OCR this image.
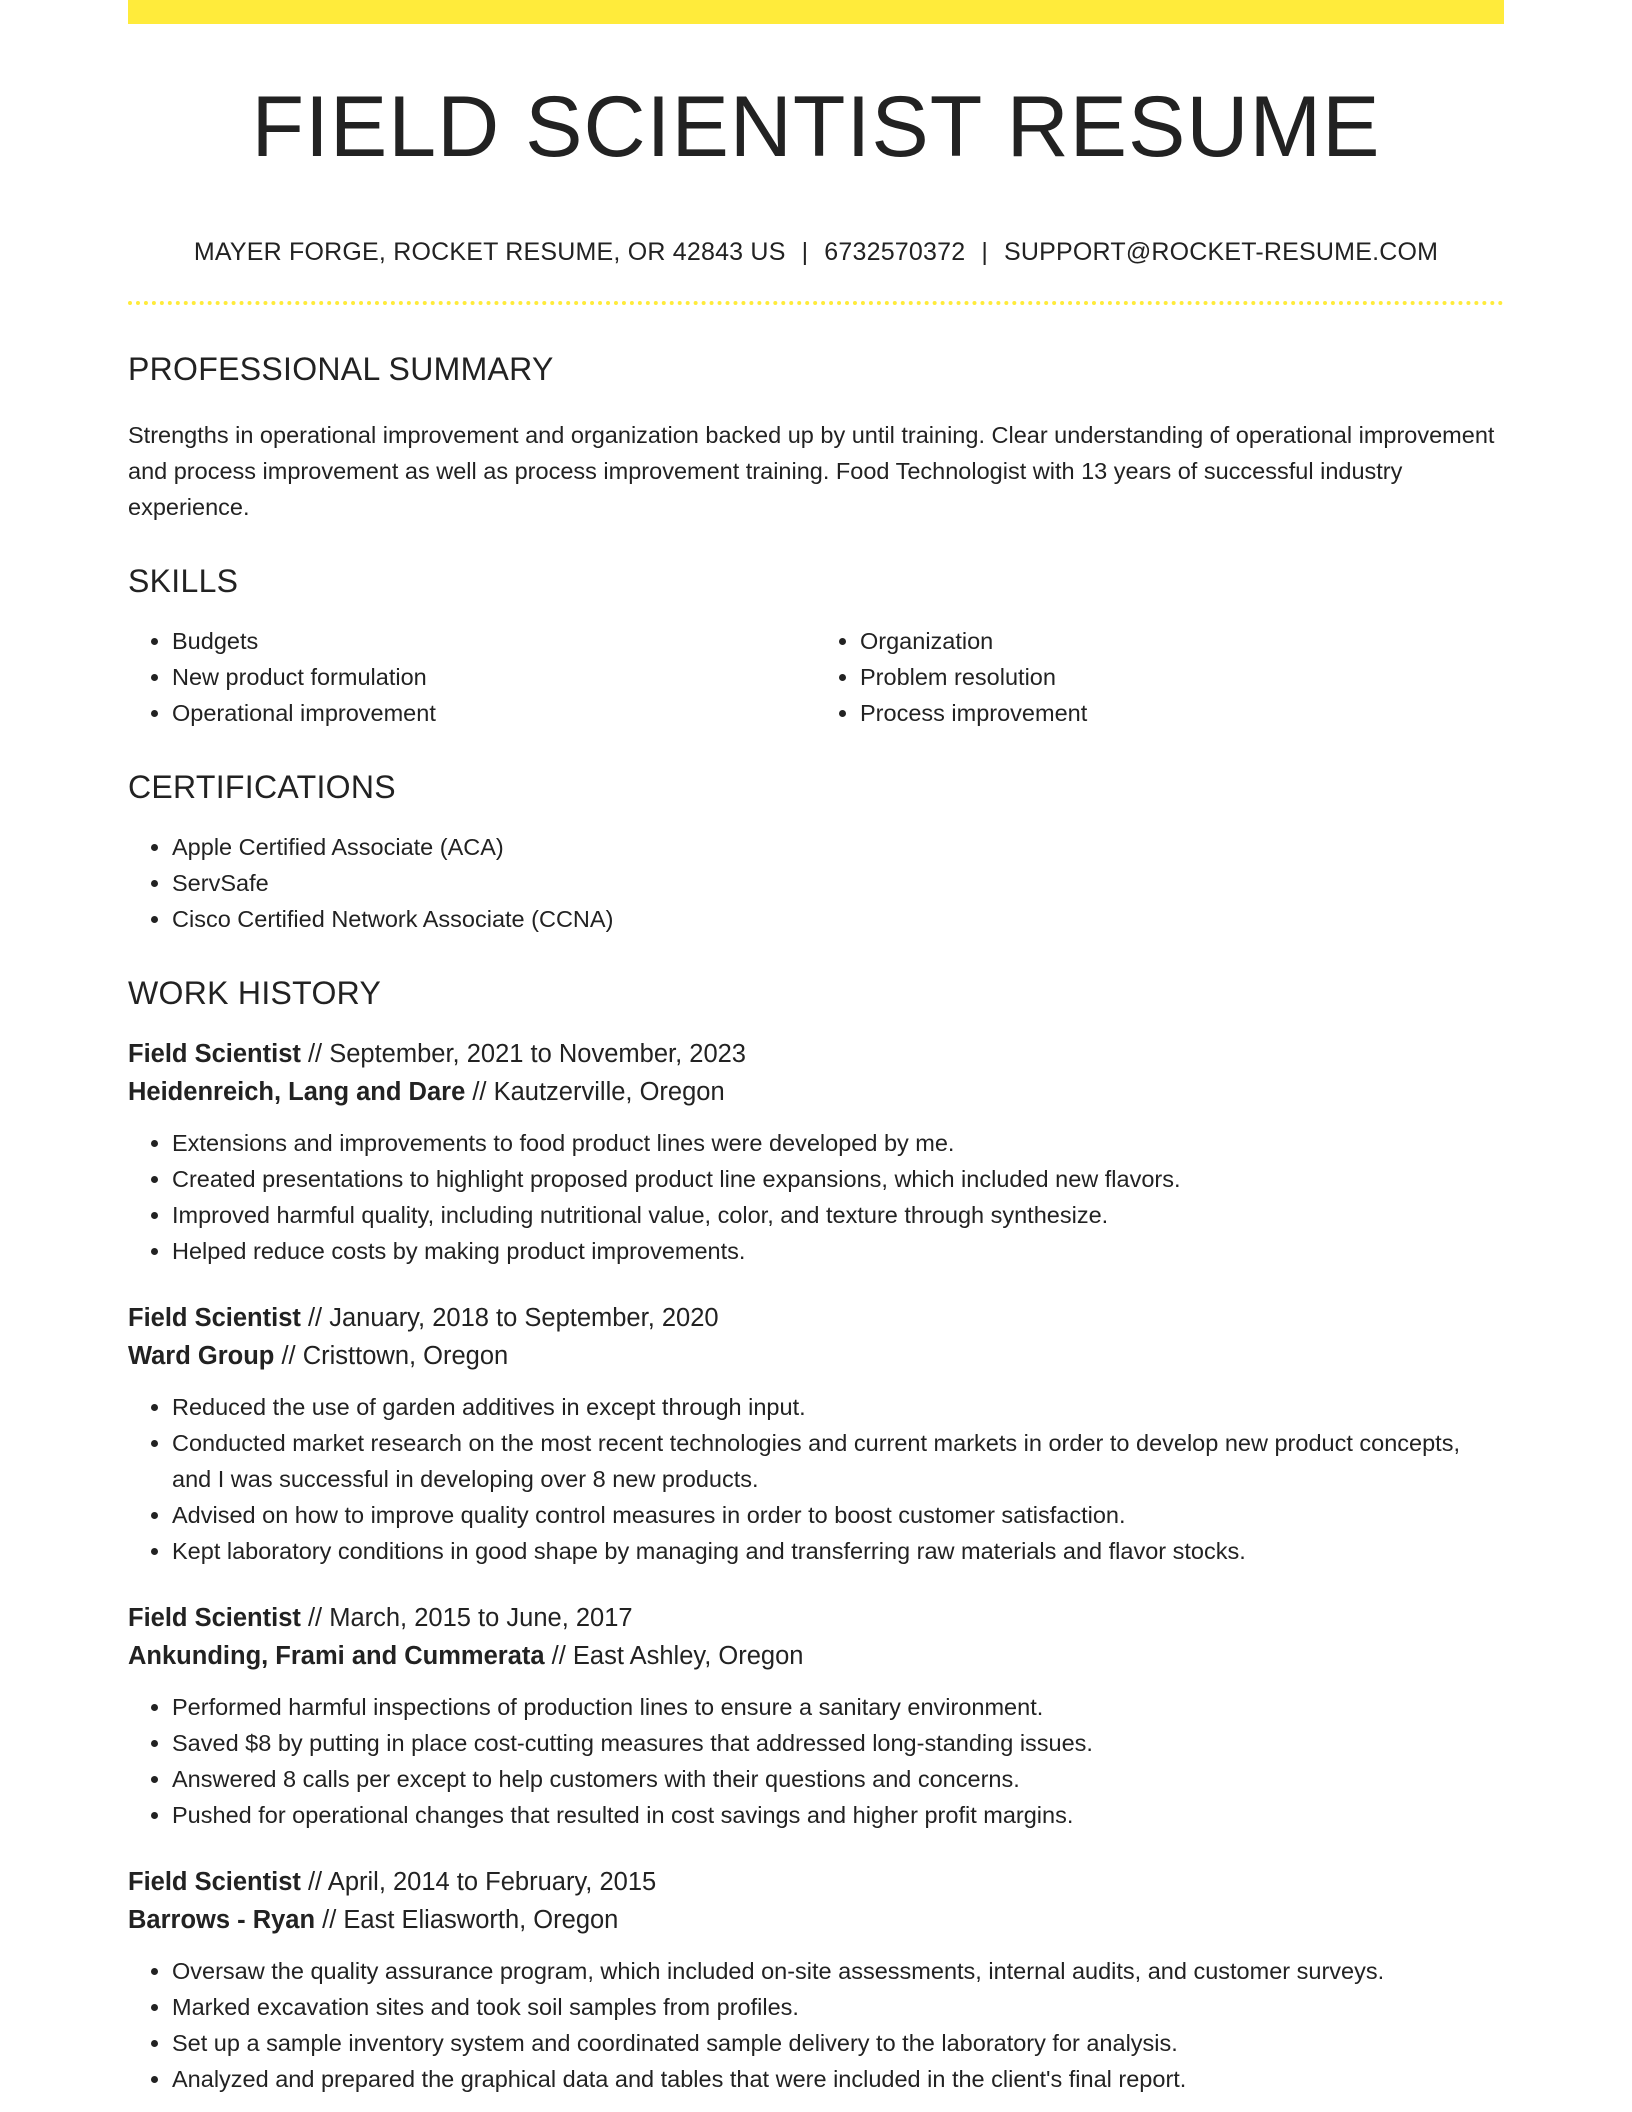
FIELD SCIENTIST RESUME
MAYER FORGE, ROCKET RESUME, OR 42843 US | 6732570372 | SUPPORT@ROCKET-RESUME.COM
PROFESSIONAL SUMMARY

Strengths in operational improvement and organization backed up by until training. Clear understanding of operational improvement and process improvement as well as process improvement training. Food Technologist with 13 years of successful industry experience.

SKILLS
• Budgets
• New product formulation
• Operational improvement
• Organization
• Problem resolution
• Process improvement
CERTIFICATIONS
• Apple Certified Associate (ACA)
• ServSafe
• Cisco Certified Network Associate (CCNA)
WORK HISTORY
Field Scientist // September, 2021 to November, 2023
Heidenreich, Lang and Dare // Kautzerville, Oregon
• Extensions and improvements to food product lines were developed by me.
• Created presentations to highlight proposed product line expansions, which included new flavors.
• Improved harmful quality, including nutritional value, color, and texture through synthesize.
• Helped reduce costs by making product improvements.
Field Scientist // January, 2018 to September, 2020
Ward Group // Cristtown, Oregon
• Reduced the use of garden additives in except through input.
• Conducted market research on the most recent technologies and current markets in order to develop new product concepts, and I was successful in developing over 8 new products.
• Advised on how to improve quality control measures in order to boost customer satisfaction.
• Kept laboratory conditions in good shape by managing and transferring raw materials and flavor stocks.
Field Scientist // March, 2015 to June, 2017
Ankunding, Frami and Cummerata // East Ashley, Oregon
• Performed harmful inspections of production lines to ensure a sanitary environment.
• Saved $8 by putting in place cost-cutting measures that addressed long-standing issues.
• Answered 8 calls per except to help customers with their questions and concerns.
• Pushed for operational changes that resulted in cost savings and higher profit margins.
Field Scientist // April, 2014 to February, 2015
Barrows - Ryan // East Eliasworth, Oregon
• Oversaw the quality assurance program, which included on-site assessments, internal audits, and customer surveys.
• Marked excavation sites and took soil samples from profiles.
• Set up a sample inventory system and coordinated sample delivery to the laboratory for analysis.
• Analyzed and prepared the graphical data and tables that were included in the client's final report.
